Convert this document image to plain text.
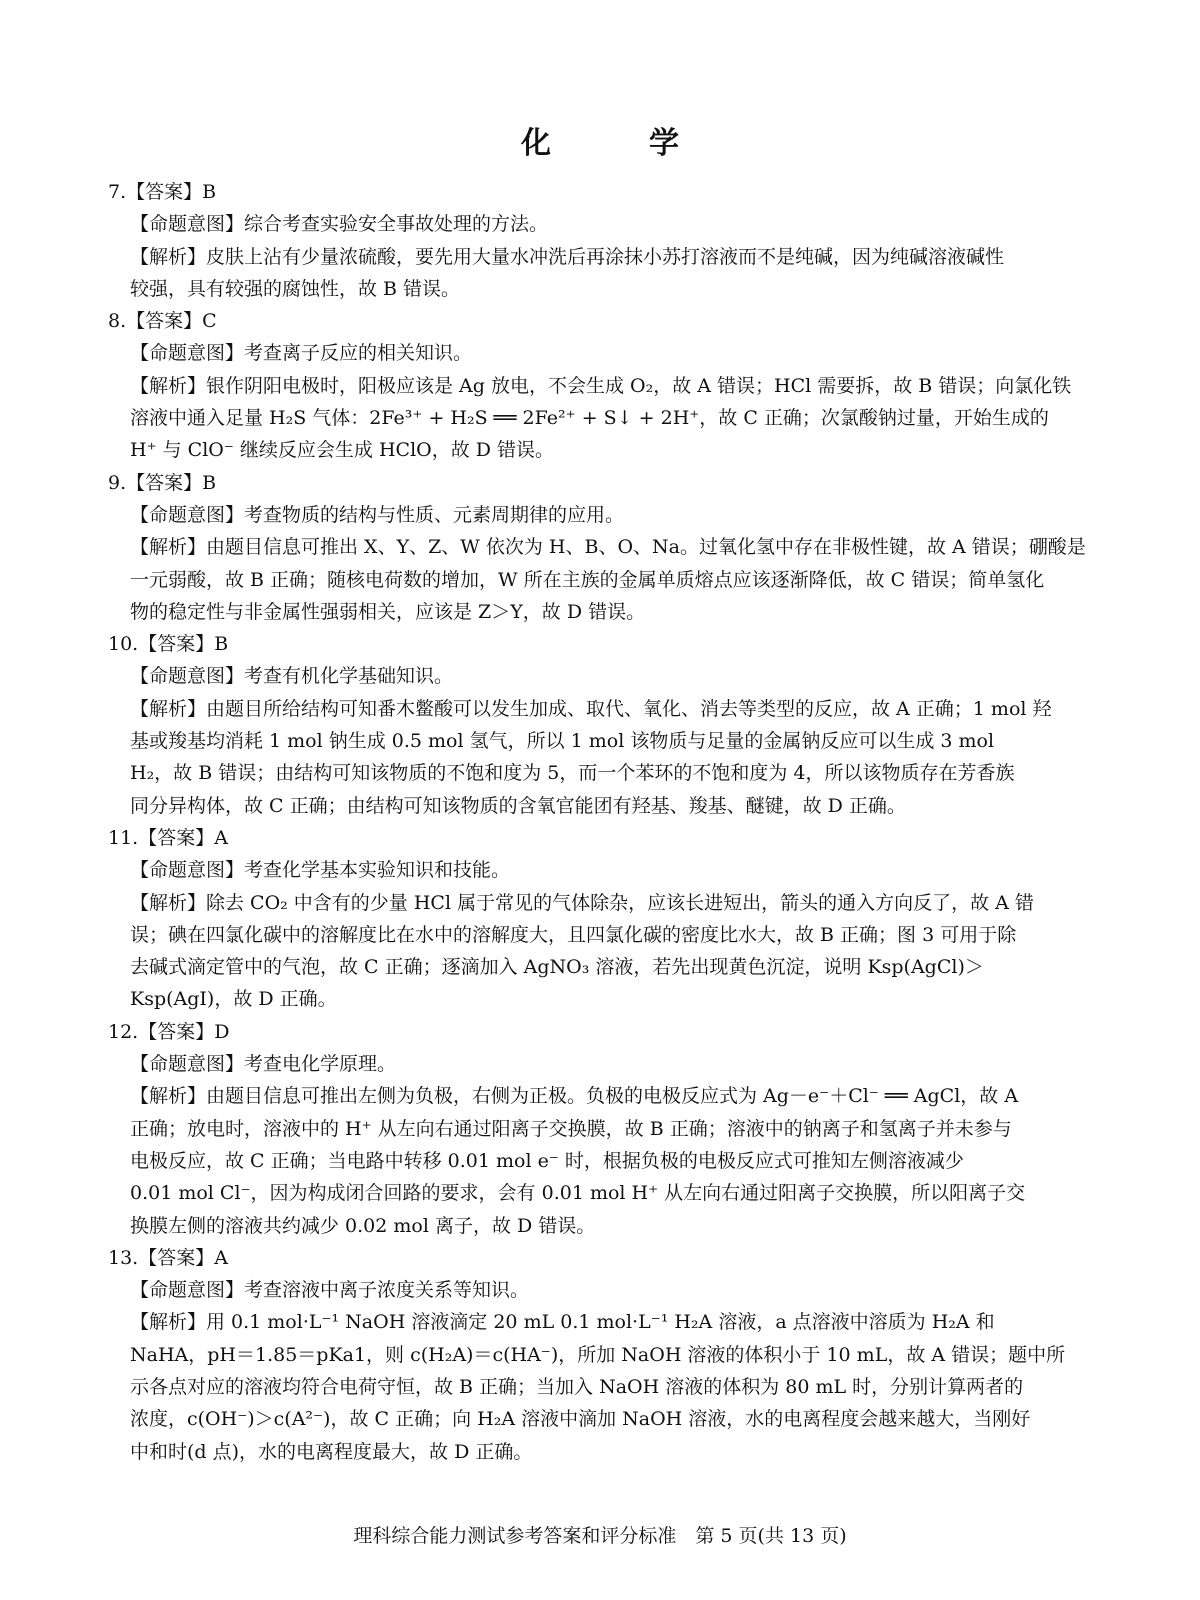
化　学
7.【答案】B
【命题意图】综合考查实验安全事故处理的方法。
【解析】皮肤上沾有少量浓硫酸，要先用大量水冲洗后再涂抹小苏打溶液而不是纯碱，因为纯碱溶液碱性
较强，具有较强的腐蚀性，故 B 错误。
8.【答案】C
【命题意图】考查离子反应的相关知识。
【解析】银作阴阳电极时，阳极应该是 Ag 放电，不会生成 O₂，故 A 错误；HCl 需要拆，故 B 错误；向氯化铁
溶液中通入足量 H₂S 气体：2Fe³⁺ + H₂S ══ 2Fe²⁺ + S↓ + 2H⁺，故 C 正确；次氯酸钠过量，开始生成的
H⁺ 与 ClO⁻ 继续反应会生成 HClO，故 D 错误。
9.【答案】B
【命题意图】考查物质的结构与性质、元素周期律的应用。
【解析】由题目信息可推出 X、Y、Z、W 依次为 H、B、O、Na。过氧化氢中存在非极性键，故 A 错误；硼酸是
一元弱酸，故 B 正确；随核电荷数的增加，W 所在主族的金属单质熔点应该逐渐降低，故 C 错误；简单氢化
物的稳定性与非金属性强弱相关，应该是 Z＞Y，故 D 错误。
10.【答案】B
【命题意图】考查有机化学基础知识。
【解析】由题目所给结构可知番木鳖酸可以发生加成、取代、氧化、消去等类型的反应，故 A 正确；1 mol 羟
基或羧基均消耗 1 mol 钠生成 0.5 mol 氢气，所以 1 mol 该物质与足量的金属钠反应可以生成 3 mol
H₂，故 B 错误；由结构可知该物质的不饱和度为 5，而一个苯环的不饱和度为 4，所以该物质存在芳香族
同分异构体，故 C 正确；由结构可知该物质的含氧官能团有羟基、羧基、醚键，故 D 正确。
11.【答案】A
【命题意图】考查化学基本实验知识和技能。
【解析】除去 CO₂ 中含有的少量 HCl 属于常见的气体除杂，应该长进短出，箭头的通入方向反了，故 A 错
误；碘在四氯化碳中的溶解度比在水中的溶解度大，且四氯化碳的密度比水大，故 B 正确；图 3 可用于除
去碱式滴定管中的气泡，故 C 正确；逐滴加入 AgNO₃ 溶液，若先出现黄色沉淀，说明 Ksp(AgCl)＞
Ksp(AgI)，故 D 正确。
12.【答案】D
【命题意图】考查电化学原理。
【解析】由题目信息可推出左侧为负极，右侧为正极。负极的电极反应式为 Ag－e⁻＋Cl⁻ ══ AgCl，故 A
正确；放电时，溶液中的 H⁺ 从左向右通过阳离子交换膜，故 B 正确；溶液中的钠离子和氢离子并未参与
电极反应，故 C 正确；当电路中转移 0.01 mol e⁻ 时，根据负极的电极反应式可推知左侧溶液减少
0.01 mol Cl⁻，因为构成闭合回路的要求，会有 0.01 mol H⁺ 从左向右通过阳离子交换膜，所以阳离子交
换膜左侧的溶液共约减少 0.02 mol 离子，故 D 错误。
13.【答案】A
【命题意图】考查溶液中离子浓度关系等知识。
【解析】用 0.1 mol·L⁻¹ NaOH 溶液滴定 20 mL 0.1 mol·L⁻¹ H₂A 溶液，a 点溶液中溶质为 H₂A 和
NaHA，pH＝1.85＝pKa1，则 c(H₂A)＝c(HA⁻)，所加 NaOH 溶液的体积小于 10 mL，故 A 错误；题中所
示各点对应的溶液均符合电荷守恒，故 B 正确；当加入 NaOH 溶液的体积为 80 mL 时，分别计算两者的
浓度，c(OH⁻)＞c(A²⁻)，故 C 正确；向 H₂A 溶液中滴加 NaOH 溶液，水的电离程度会越来越大，当刚好
中和时(d 点)，水的电离程度最大，故 D 正确。
理科综合能力测试参考答案和评分标准　第 5 页(共 13 页)
